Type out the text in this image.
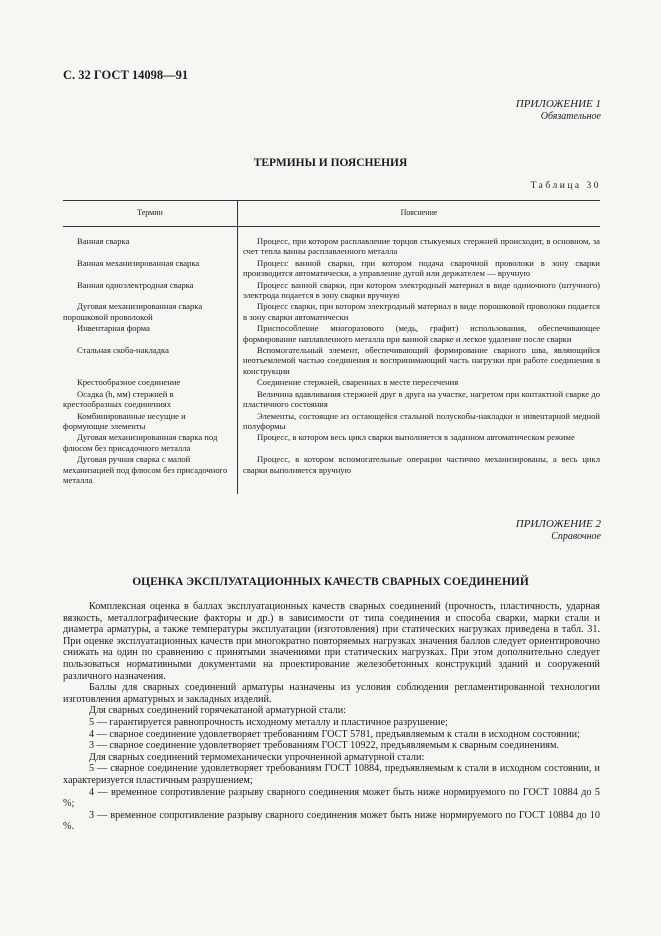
С. 32 ГОСТ 14098—91
ПРИЛОЖЕНИЕ 1
Обязательное
ТЕРМИНЫ И ПОЯСНЕНИЯ
Таблица 30
Термин	Пояснение
Ванная сварка	Процесс, при котором расплавление торцов стыкуемых стержней происходит, в основном, за счет тепла ванны расплавленного металла
Ванная механизированная сварка	Процесс ванной сварки, при котором подача сварочной проволоки в зону сварки производится автоматически, а управление дугой или держателем — вручную
Ванная одноэлектродная сварка	Процесс ванной сварки, при котором электродный материал в виде одиночного (штучного) электрода подается в зону сварки вручную
Дуговая механизированная сварка порошковой проволокой	Процесс сварки, при котором электродный материал в виде порошковой проволоки подается в зону сварки автоматически
Инвентарная форма	Приспособление многоразового (медь, графит) использования, обеспечивающее формирование наплавленного металла при ванной сварке и легкое удаление после сварки
Стальная скоба-накладка	Вспомогательный элемент, обеспечивающий формирование сварного шва, являющийся неотъемлемой частью соединения и воспринимающий часть нагрузки при работе соединения в конструкции
Крестообразное соединение	Соединение стержней, сваренных в месте пересечения
Осадка (h, мм) стержней в крестообразных соединениях	Величина вдавливания стержней друг в друга на участке, нагретом при контактной сварке до пластичного состояния
Комбинированные несущие и формующие элементы	Элементы, состоящие из остающейся стальной полускобы-накладки и инвентарной медной полуформы
Дуговая механизированная сварка под флюсом без присадочного металла	Процесс, в котором весь цикл сварки выполняется в заданном автоматическом режиме
Дуговая ручная сварка с малой механизацией под флюсом без присадочного металла	Процесс, в котором вспомогательные операции частично механизированы, а весь цикл сварки выполняется вручную
ПРИЛОЖЕНИЕ 2
Справочное
ОЦЕНКА ЭКСПЛУАТАЦИОННЫХ КАЧЕСТВ СВАРНЫХ СОЕДИНЕНИЙ

Комплексная оценка в баллах эксплуатационных качеств сварных соединений (прочность, пластичность, ударная вязкость, металлографические факторы и др.) в зависимости от типа соединения и способа сварки, марки стали и диаметра арматуры, а также температуры эксплуатации (изготовления) при статических нагрузках приведена в табл. 31. При оценке эксплуатационных качеств при многократно повторяемых нагрузках значения баллов следует ориентировочно снижать на один по сравнению с принятыми значениями при статических нагрузках. При этом дополнительно следует пользоваться нормативными документами на проектирование железобетонных конструкций зданий и сооружений различного назначения.

Баллы для сварных соединений арматуры назначены из условия соблюдения регламентированной технологии изготовления арматурных и закладных изделий.

Для сварных соединений горячекатаной арматурной стали:

5 — гарантируется равнопрочность исходному металлу и пластичное разрушение;

4 — сварное соединение удовлетворяет требованиям ГОСТ 5781, предъявляемым к стали в исходном состоянии;

3 — сварное соединение удовлетворяет требованиям ГОСТ 10922, предъявляемым к сварным соединениям.

Для сварных соединений термомеханически упрочненной арматурной стали:

5 — сварное соединение удовлетворяет требованиям ГОСТ 10884, предъявляемым к стали в исходном состоянии, и характеризуется пластичным разрушением;

4 — временное сопротивление разрыву сварного соединения может быть ниже нормируемого по ГОСТ 10884 до 5 %;

3 — временное сопротивление разрыву сварного соединения может быть ниже нормируемого по ГОСТ 10884 до 10 %.
